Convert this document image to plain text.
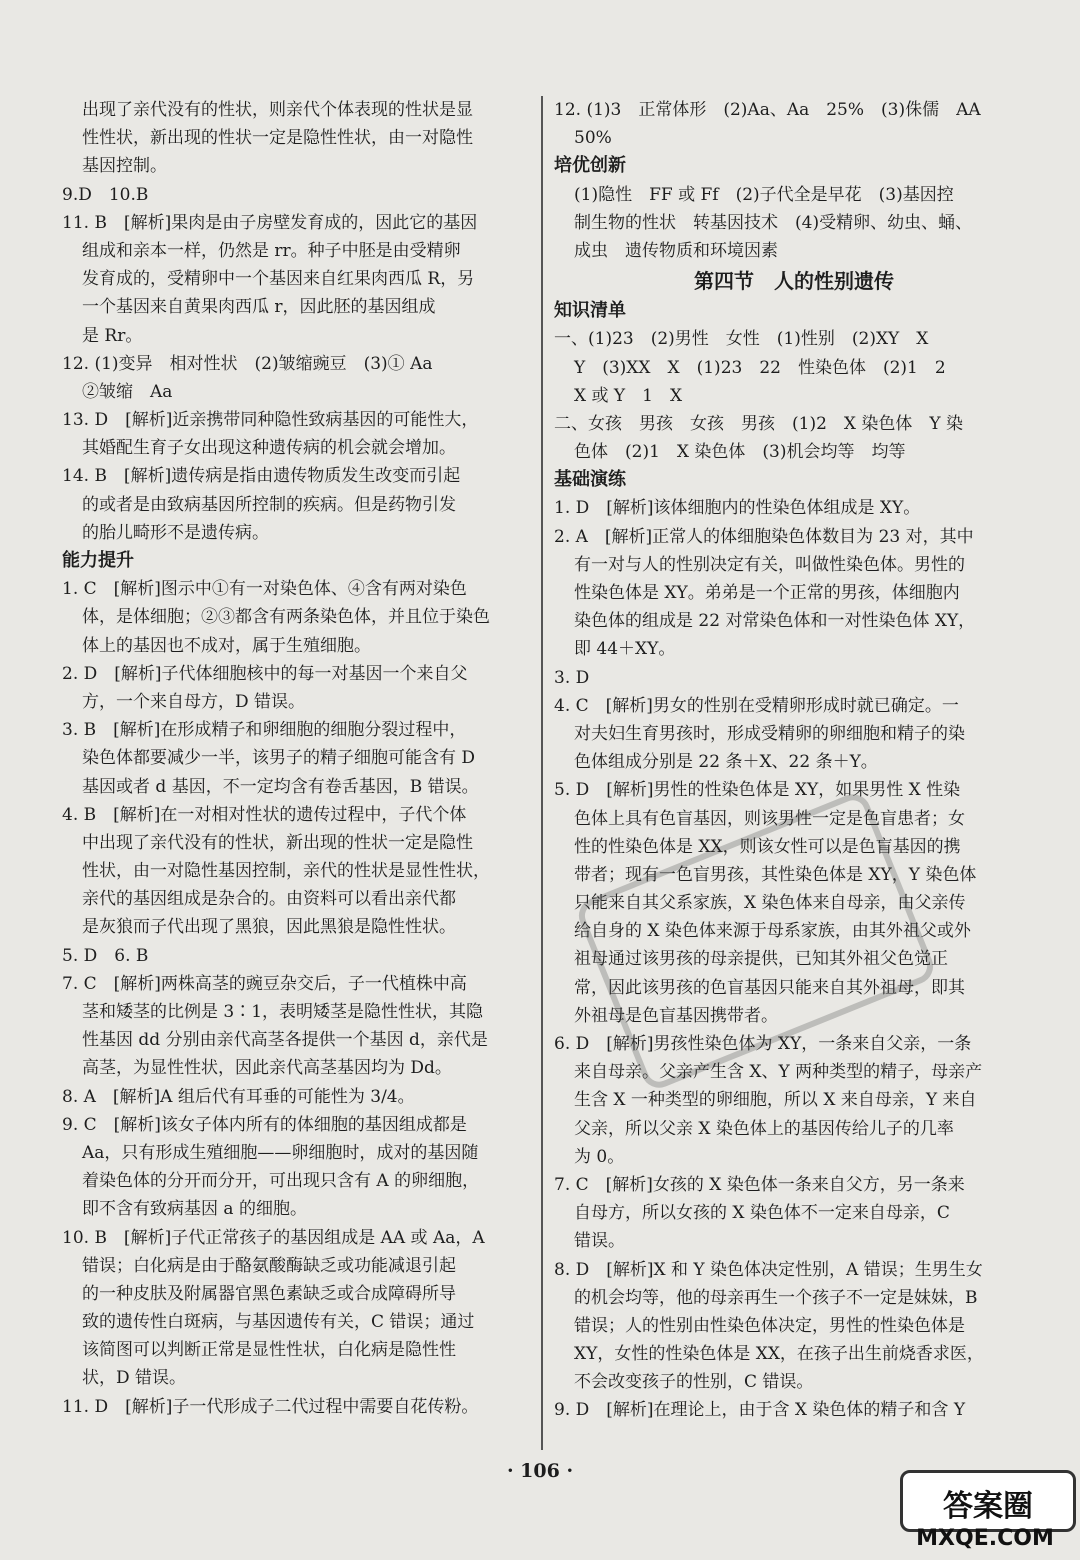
出现了亲代没有的性状，则亲代个体表现的性状是显
性性状，新出现的性状一定是隐性性状，由一对隐性
基因控制。
9.D　10.B
11. B　[解析]果肉是由子房壁发育成的，因此它的基因
组成和亲本一样，仍然是 rr。种子中胚是由受精卵
发育成的，受精卵中一个基因来自红果肉西瓜 R，另
一个基因来自黄果肉西瓜 r，因此胚的基因组成
是 Rr。
12. (1)变异　相对性状　(2)皱缩豌豆　(3)① Aa
②皱缩　Aa
13. D　[解析]近亲携带同种隐性致病基因的可能性大，
其婚配生育子女出现这种遗传病的机会就会增加。
14. B　[解析]遗传病是指由遗传物质发生改变而引起
的或者是由致病基因所控制的疾病。但是药物引发
的胎儿畸形不是遗传病。
能力提升
1. C　[解析]图示中①有一对染色体、④含有两对染色
体，是体细胞；②③都含有两条染色体，并且位于染色
体上的基因也不成对，属于生殖细胞。
2. D　[解析]子代体细胞核中的每一对基因一个来自父
方，一个来自母方，D 错误。
3. B　[解析]在形成精子和卵细胞的细胞分裂过程中，
染色体都要减少一半，该男子的精子细胞可能含有 D
基因或者 d 基因，不一定均含有卷舌基因，B 错误。
4. B　[解析]在一对相对性状的遗传过程中，子代个体
中出现了亲代没有的性状，新出现的性状一定是隐性
性状，由一对隐性基因控制，亲代的性状是显性性状，
亲代的基因组成是杂合的。由资料可以看出亲代都
是灰狼而子代出现了黑狼，因此黑狼是隐性性状。
5. D　6. B
7. C　[解析]两株高茎的豌豆杂交后，子一代植株中高
茎和矮茎的比例是 3∶1，表明矮茎是隐性性状，其隐
性基因 dd 分别由亲代高茎各提供一个基因 d，亲代是
高茎，为显性性状，因此亲代高茎基因均为 Dd。
8. A　[解析]A 组后代有耳垂的可能性为 3/4。
9. C　[解析]该女子体内所有的体细胞的基因组成都是
Aa，只有形成生殖细胞——卵细胞时，成对的基因随
着染色体的分开而分开，可出现只含有 A 的卵细胞，
即不含有致病基因 a 的细胞。
10. B　[解析]子代正常孩子的基因组成是 AA 或 Aa，A
错误；白化病是由于酪氨酸酶缺乏或功能减退引起
的一种皮肤及附属器官黑色素缺乏或合成障碍所导
致的遗传性白斑病，与基因遗传有关，C 错误；通过
该简图可以判断正常是显性性状，白化病是隐性性
状，D 错误。
11. D　[解析]子一代形成子二代过程中需要自花传粉。
12. (1)3　正常体形　(2)Aa、Aa　25%　(3)侏儒　AA
50%
培优创新
(1)隐性　FF 或 Ff　(2)子代全是早花　(3)基因控
制生物的性状　转基因技术　(4)受精卵、幼虫、蛹、
成虫　遗传物质和环境因素
第四节　人的性别遗传
知识清单
一、(1)23　(2)男性　女性　(1)性别　(2)XY　X
Y　(3)XX　X　(1)23　22　性染色体　(2)1　2
X 或 Y　1　X
二、女孩　男孩　女孩　男孩　(1)2　X 染色体　Y 染
色体　(2)1　X 染色体　(3)机会均等　均等
基础演练
1. D　[解析]该体细胞内的性染色体组成是 XY。
2. A　[解析]正常人的体细胞染色体数目为 23 对，其中
有一对与人的性别决定有关，叫做性染色体。男性的
性染色体是 XY。弟弟是一个正常的男孩，体细胞内
染色体的组成是 22 对常染色体和一对性染色体 XY，
即 44＋XY。
3. D
4. C　[解析]男女的性别在受精卵形成时就已确定。一
对夫妇生育男孩时，形成受精卵的卵细胞和精子的染
色体组成分别是 22 条＋X、22 条＋Y。
5. D　[解析]男性的性染色体是 XY，如果男性 X 性染
色体上具有色盲基因，则该男性一定是色盲患者；女
性的性染色体是 XX，则该女性可以是色盲基因的携
带者；现有一色盲男孩，其性染色体是 XY，Y 染色体
只能来自其父系家族，X 染色体来自母亲，由父亲传
给自身的 X 染色体来源于母系家族，由其外祖父或外
祖母通过该男孩的母亲提供，已知其外祖父色觉正
常，因此该男孩的色盲基因只能来自其外祖母，即其
外祖母是色盲基因携带者。
6. D　[解析]男孩性染色体为 XY，一条来自父亲，一条
来自母亲。父亲产生含 X、Y 两种类型的精子，母亲产
生含 X 一种类型的卵细胞，所以 X 来自母亲，Y 来自
父亲，所以父亲 X 染色体上的基因传给儿子的几率
为 0。
7. C　[解析]女孩的 X 染色体一条来自父方，另一条来
自母方，所以女孩的 X 染色体不一定来自母亲，C
错误。
8. D　[解析]X 和 Y 染色体决定性别，A 错误；生男生女
的机会均等，他的母亲再生一个孩子不一定是妹妹，B
错误；人的性别由性染色体决定，男性的性染色体是
XY，女性的性染色体是 XX，在孩子出生前烧香求医，
不会改变孩子的性别，C 错误。
9. D　[解析]在理论上，由于含 X 染色体的精子和含 Y
· 106 ·
答案圈
MXQE.COM
